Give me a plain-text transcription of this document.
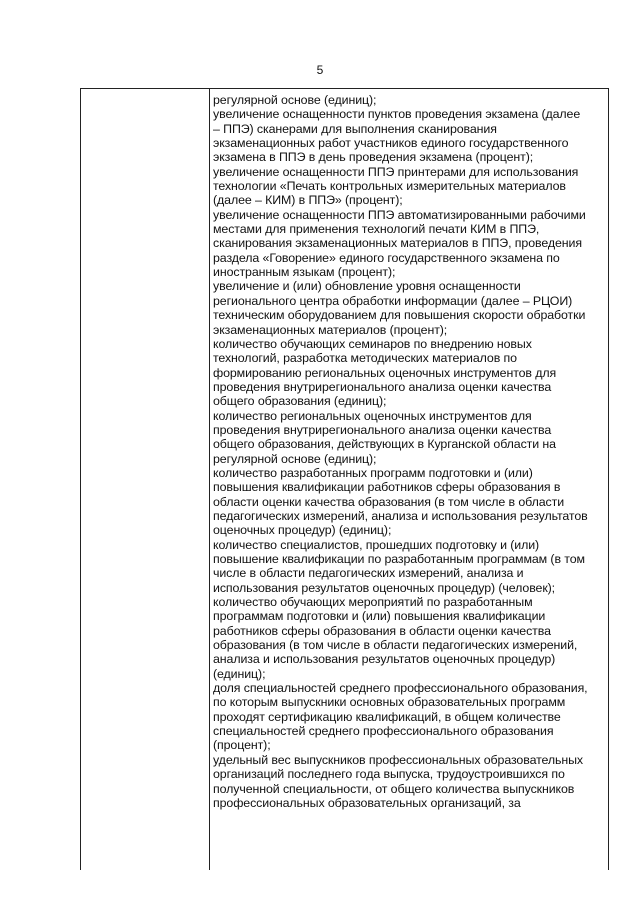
5
регулярной основе (единиц);
увеличение оснащенности пунктов проведения экзамена (далее
– ППЭ) сканерами для выполнения сканирования
экзаменационных работ участников единого государственного
экзамена в ППЭ в день проведения экзамена (процент);
увеличение оснащенности ППЭ принтерами для использования
технологии «Печать контрольных измерительных материалов
(далее – КИМ) в ППЭ» (процент);
увеличение оснащенности ППЭ автоматизированными рабочими
местами для применения технологий печати КИМ в ППЭ,
сканирования экзаменационных материалов в ППЭ, проведения
раздела «Говорение» единого государственного экзамена по
иностранным языкам (процент);
увеличение и (или) обновление уровня оснащенности
регионального центра обработки информации (далее – РЦОИ)
техническим оборудованием для повышения скорости обработки
экзаменационных материалов (процент);
количество обучающих семинаров по внедрению новых
технологий, разработка методических материалов по
формированию региональных оценочных инструментов для
проведения внутрирегионального анализа оценки качества
общего образования (единиц);
количество региональных оценочных инструментов для
проведения внутрирегионального анализа оценки качества
общего образования, действующих в Курганской области на
регулярной основе (единиц);
количество разработанных программ подготовки и (или)
повышения квалификации работников сферы образования в
области оценки качества образования (в том числе в области
педагогических измерений, анализа и использования результатов
оценочных процедур) (единиц);
количество специалистов, прошедших подготовку и (или)
повышение квалификации по разработанным программам (в том
числе в области педагогических измерений, анализа и
использования результатов оценочных процедур) (человек);
количество обучающих мероприятий по разработанным
программам подготовки и (или) повышения квалификации
работников сферы образования в области оценки качества
образования (в том числе в области педагогических измерений,
анализа и использования результатов оценочных процедур)
(единиц);
доля специальностей среднего профессионального образования,
по которым выпускники основных образовательных программ
проходят сертификацию квалификаций, в общем количестве
специальностей среднего профессионального образования
(процент);
удельный вес выпускников профессиональных образовательных
организаций последнего года выпуска, трудоустроившихся по
полученной специальности, от общего количества выпускников
профессиональных образовательных организаций, за
